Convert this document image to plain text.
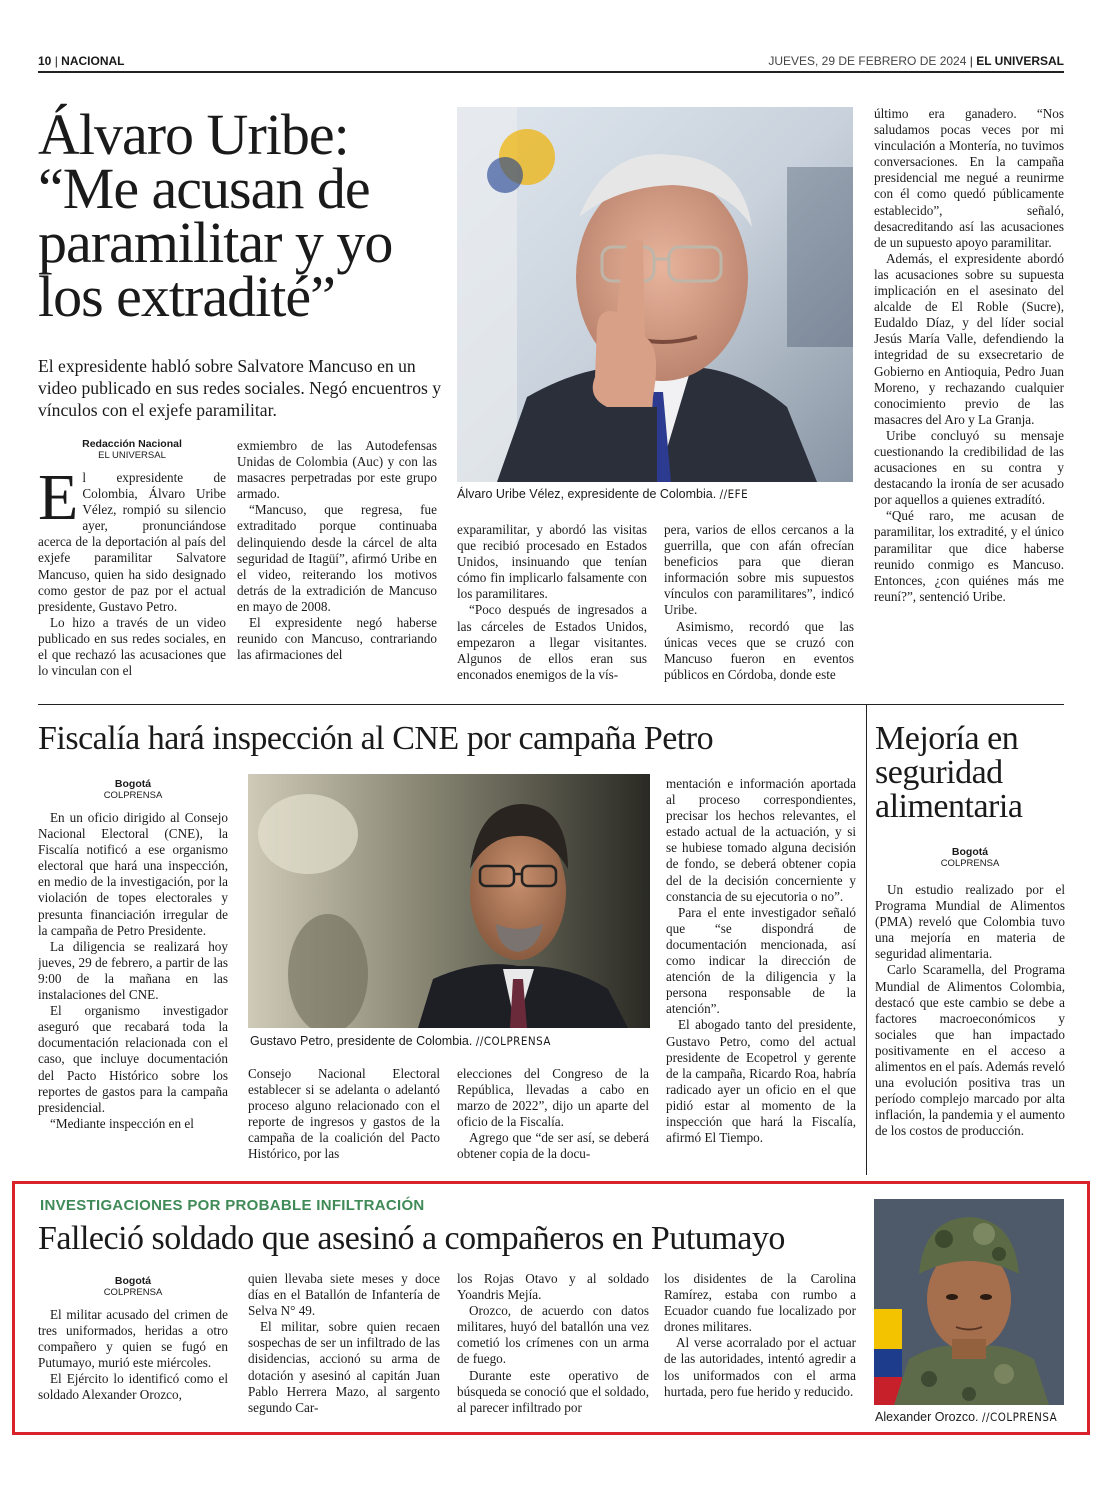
10 | NACIONAL	JUEVES, 29 DE FEBRERO DE 2024 | EL UNIVERSAL
Álvaro Uribe:
“Me acusan de
paramilitar y yo
los extradité”
El expresidente habló sobre Salvatore Mancuso en un video publicado en sus redes sociales. Negó encuentros y vínculos con el exjefe paramilitar.
Álvaro Uribe Vélez, expresidente de Colombia. //EFE
Redacción Nacional
EL UNIVERSAL

El expresidente de Colombia, Álvaro Uribe Vélez, rompió su silencio ayer, pronunciándose acerca de la deportación al país del exjefe paramilitar Salvatore Mancuso, quien ha sido designado como gestor de paz por el actual presidente, Gustavo Petro.

Lo hizo a través de un video publicado en sus redes sociales, en el que rechazó las acusaciones que lo vinculan con el

exmiembro de las Autodefensas Unidas de Colombia (Auc) y con las masacres perpetradas por este grupo armado.

“Mancuso, que regresa, fue extraditado porque continuaba delinquiendo desde la cárcel de alta seguridad de Itagüí”, afirmó Uribe en el video, reiterando los motivos detrás de la extradición de Mancuso en mayo de 2008.

El expresidente negó haberse reunido con Mancuso, contrariando las afirmaciones del

exparamilitar, y abordó las visitas que recibió procesado en Estados Unidos, insinuando que tenían cómo fin implicarlo falsamente con los paramilitares.

“Poco después de ingresados a las cárceles de Estados Unidos, empezaron a llegar visitantes. Algunos de ellos eran sus enconados enemigos de la vís-

pera, varios de ellos cercanos a la guerrilla, que con afán ofrecían beneficios para que dieran información sobre mis supuestos vínculos con paramilitares”, indicó Uribe.

Asimismo, recordó que las únicas veces que se cruzó con Mancuso fueron en eventos públicos en Córdoba, donde este

último era ganadero. “Nos saludamos pocas veces por mi vinculación a Montería, no tuvimos conversaciones. En la campaña presidencial me negué a reunirme con él como quedó públicamente establecido”, señaló, desacreditando así las acusaciones de un supuesto apoyo paramilitar.

Además, el expresidente abordó las acusaciones sobre su supuesta implicación en el asesinato del alcalde de El Roble (Sucre), Eudaldo Díaz, y del líder social Jesús María Valle, defendiendo la integridad de su exsecretario de Gobierno en Antioquia, Pedro Juan Moreno, y rechazando cualquier conocimiento previo de las masacres del Aro y La Granja.

Uribe concluyó su mensaje cuestionando la credibilidad de las acusaciones en su contra y destacando la ironía de ser acusado por aquellos a quienes extradító.

“Qué raro, me acusan de paramilitar, los extradité, y el único paramilitar que dice haberse reunido conmigo es Mancuso. Entonces, ¿con quiénes más me reuní?”, sentenció Uribe.

Fiscalía hará inspección al CNE por campaña Petro
Bogotá
COLPRENSA

En un oficio dirigido al Consejo Nacional Electoral (CNE), la Fiscalía notificó a ese organismo electoral que hará una inspección, en medio de la investigación, por la violación de topes electorales y presunta financiación irregular de la campaña de Petro Presidente.

La diligencia se realizará hoy jueves, 29 de febrero, a partir de las 9:00 de la mañana en las instalaciones del CNE.

El organismo investigador aseguró que recabará toda la documentación relacionada con el caso, que incluye documentación del Pacto Histórico sobre los reportes de gastos para la campaña presidencial.

“Mediante inspección en el

Gustavo Petro, presidente de Colombia. //COLPRENSA

Consejo Nacional Electoral establecer si se adelanta o adelantó proceso alguno relacionado con el reporte de ingresos y gastos de la campaña de la coalición del Pacto Histórico, por las

elecciones del Congreso de la República, llevadas a cabo en marzo de 2022”, dijo un aparte del oficio de la Fiscalía.

Agrego que “de ser así, se deberá obtener copia de la docu-

mentación e información aportada al proceso correspondientes, precisar los hechos relevantes, el estado actual de la actuación, y si se hubiese tomado alguna decisión de fondo, se deberá obtener copia del de la decisión concerniente y constancia de su ejecutoria o no”.

Para el ente investigador señaló que “se dispondrá de documentación mencionada, así como indicar la dirección de atención de la diligencia y la persona responsable de la atención”.

El abogado tanto del presidente, Gustavo Petro, como del actual presidente de Ecopetrol y gerente de la campaña, Ricardo Roa, habría radicado ayer un oficio en el que pidió estar al momento de la inspección que hará la Fiscalía, afirmó El Tiempo.

Mejoría en
seguridad
alimentaria
Bogotá
COLPRENSA

Un estudio realizado por el Programa Mundial de Alimentos (PMA) reveló que Colombia tuvo una mejoría en materia de seguridad alimentaria.

Carlo Scaramella, del Programa Mundial de Alimentos Colombia, destacó que este cambio se debe a factores macroeconómicos y sociales que han impactado positivamente en el acceso a alimentos en el país. Además reveló una evolución positiva tras un período complejo marcado por alta inflación, la pandemia y el aumento de los costos de producción.

INVESTIGACIONES POR PROBABLE INFILTRACIÓN
Falleció soldado que asesinó a compañeros en Putumayo
Bogotá
COLPRENSA

El militar acusado del crimen de tres uniformados, heridas a otro compañero y quien se fugó en Putumayo, murió este miércoles.

El Ejército lo identificó como el soldado Alexander Orozco,

quien llevaba siete meses y doce días en el Batallón de Infantería de Selva N° 49.

El militar, sobre quien recaen sospechas de ser un infiltrado de las disidencias, accionó su arma de dotación y asesinó al capitán Juan Pablo Herrera Mazo, al sargento segundo Car-

los Rojas Otavo y al soldado Yoandris Mejía.

Orozco, de acuerdo con datos militares, huyó del batallón una vez cometió los crímenes con un arma de fuego.

Durante este operativo de búsqueda se conoció que el soldado, al parecer infiltrado por

los disidentes de la Carolina Ramírez, estaba con rumbo a Ecuador cuando fue localizado por drones militares.

Al verse acorralado por el actuar de las autoridades, intentó agredir a los uniformados con el arma hurtada, pero fue herido y reducido.

Alexander Orozco. //COLPRENSA
